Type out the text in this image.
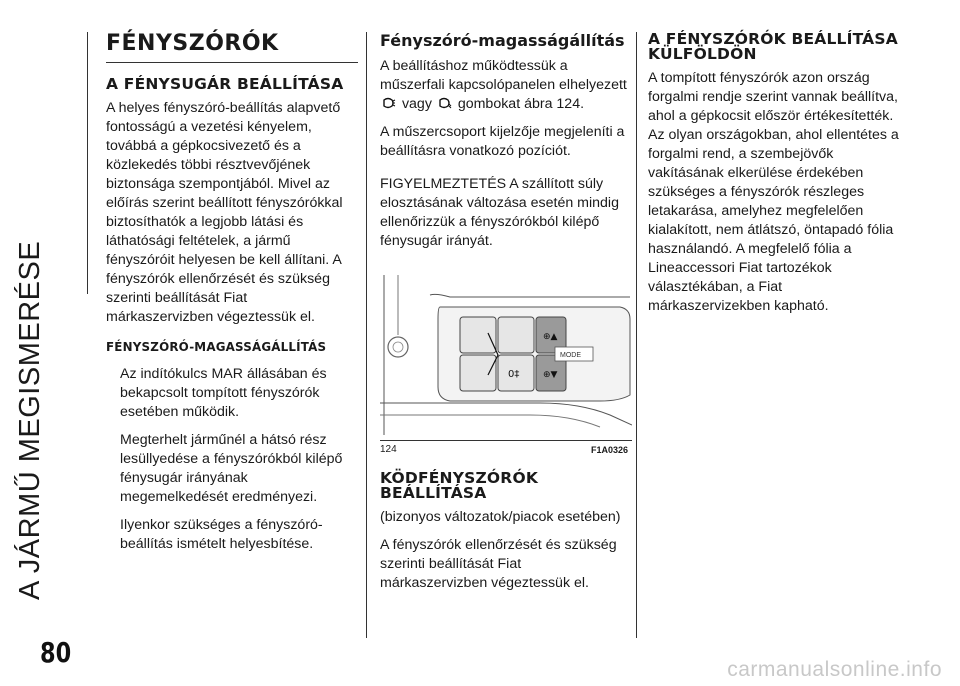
A JÁRMŰ MEGISMERÉSE
FÉNYSZÓRÓK
A FÉNYSUGÁR BEÁLLÍTÁSA

A helyes fényszóró-beállítás alapvető fontosságú a vezetési kényelem, továbbá a gépkocsivezető és a közlekedés többi résztvevőjének biztonsága szempontjából. Mivel az előírás szerint beállított fényszórókkal biztosíthatók a legjobb látási és láthatósági feltételek, a jármű fényszóróit helyesen be kell állítani. A fényszórók ellenőrzését és szükség szerinti beállítását Fiat márkaszervizben végeztessük el.

FÉNYSZÓRÓ-MAGASSÁGÁLLÍTÁS

Az indítókulcs MAR állásában és bekapcsolt tompított fényszórók esetében működik.

Megterhelt járműnél a hátsó rész lesüllyedése a fényszórókból kilépő fénysugár irányának megemelkedését eredményezi.

Ilyenkor szükséges a fényszóró-beállítás ismételt helyesbítése.

Fényszóró-magasságállítás

A beállításhoz működtessük a műszerfali kapcsolópanelen elhelyezett  vagy gombokat ábra 124.

A műszercsoport kijelzője megjeleníti a beállításra vonatkozó pozíciót.

FIGYELMEZTETÉS A szállított súly elosztásának változása esetén mindig ellenőrizzük a fényszórókból kilépő fénysugár irányát.

⊕▲
⊕▼
0‡
MODE
124	F1A0326
KÖDFÉNYSZÓRÓK BEÁLLÍTÁSA

(bizonyos változatok/piacok esetében)

A fényszórók ellenőrzését és szükség szerinti beállítását Fiat márkaszervizben végeztessük el.

A FÉNYSZÓRÓK BEÁLLÍTÁSA KÜLFÖLDÖN

A tompított fényszórók azon ország forgalmi rendje szerint vannak beállítva, ahol a gépkocsit először értékesítették. Az olyan országokban, ahol ellentétes a forgalmi rend, a szembejövők vakításának elkerülése érdekében szükséges a fényszórók részleges letakarása, amelyhez megfelelően kialakított, nem átlátszó, öntapadó fólia használandó. A megfelelő fólia a Lineaccessori Fiat tartozékok választékában, a Fiat márkaszervizekben kapható.

80
carmanualsonline.info
